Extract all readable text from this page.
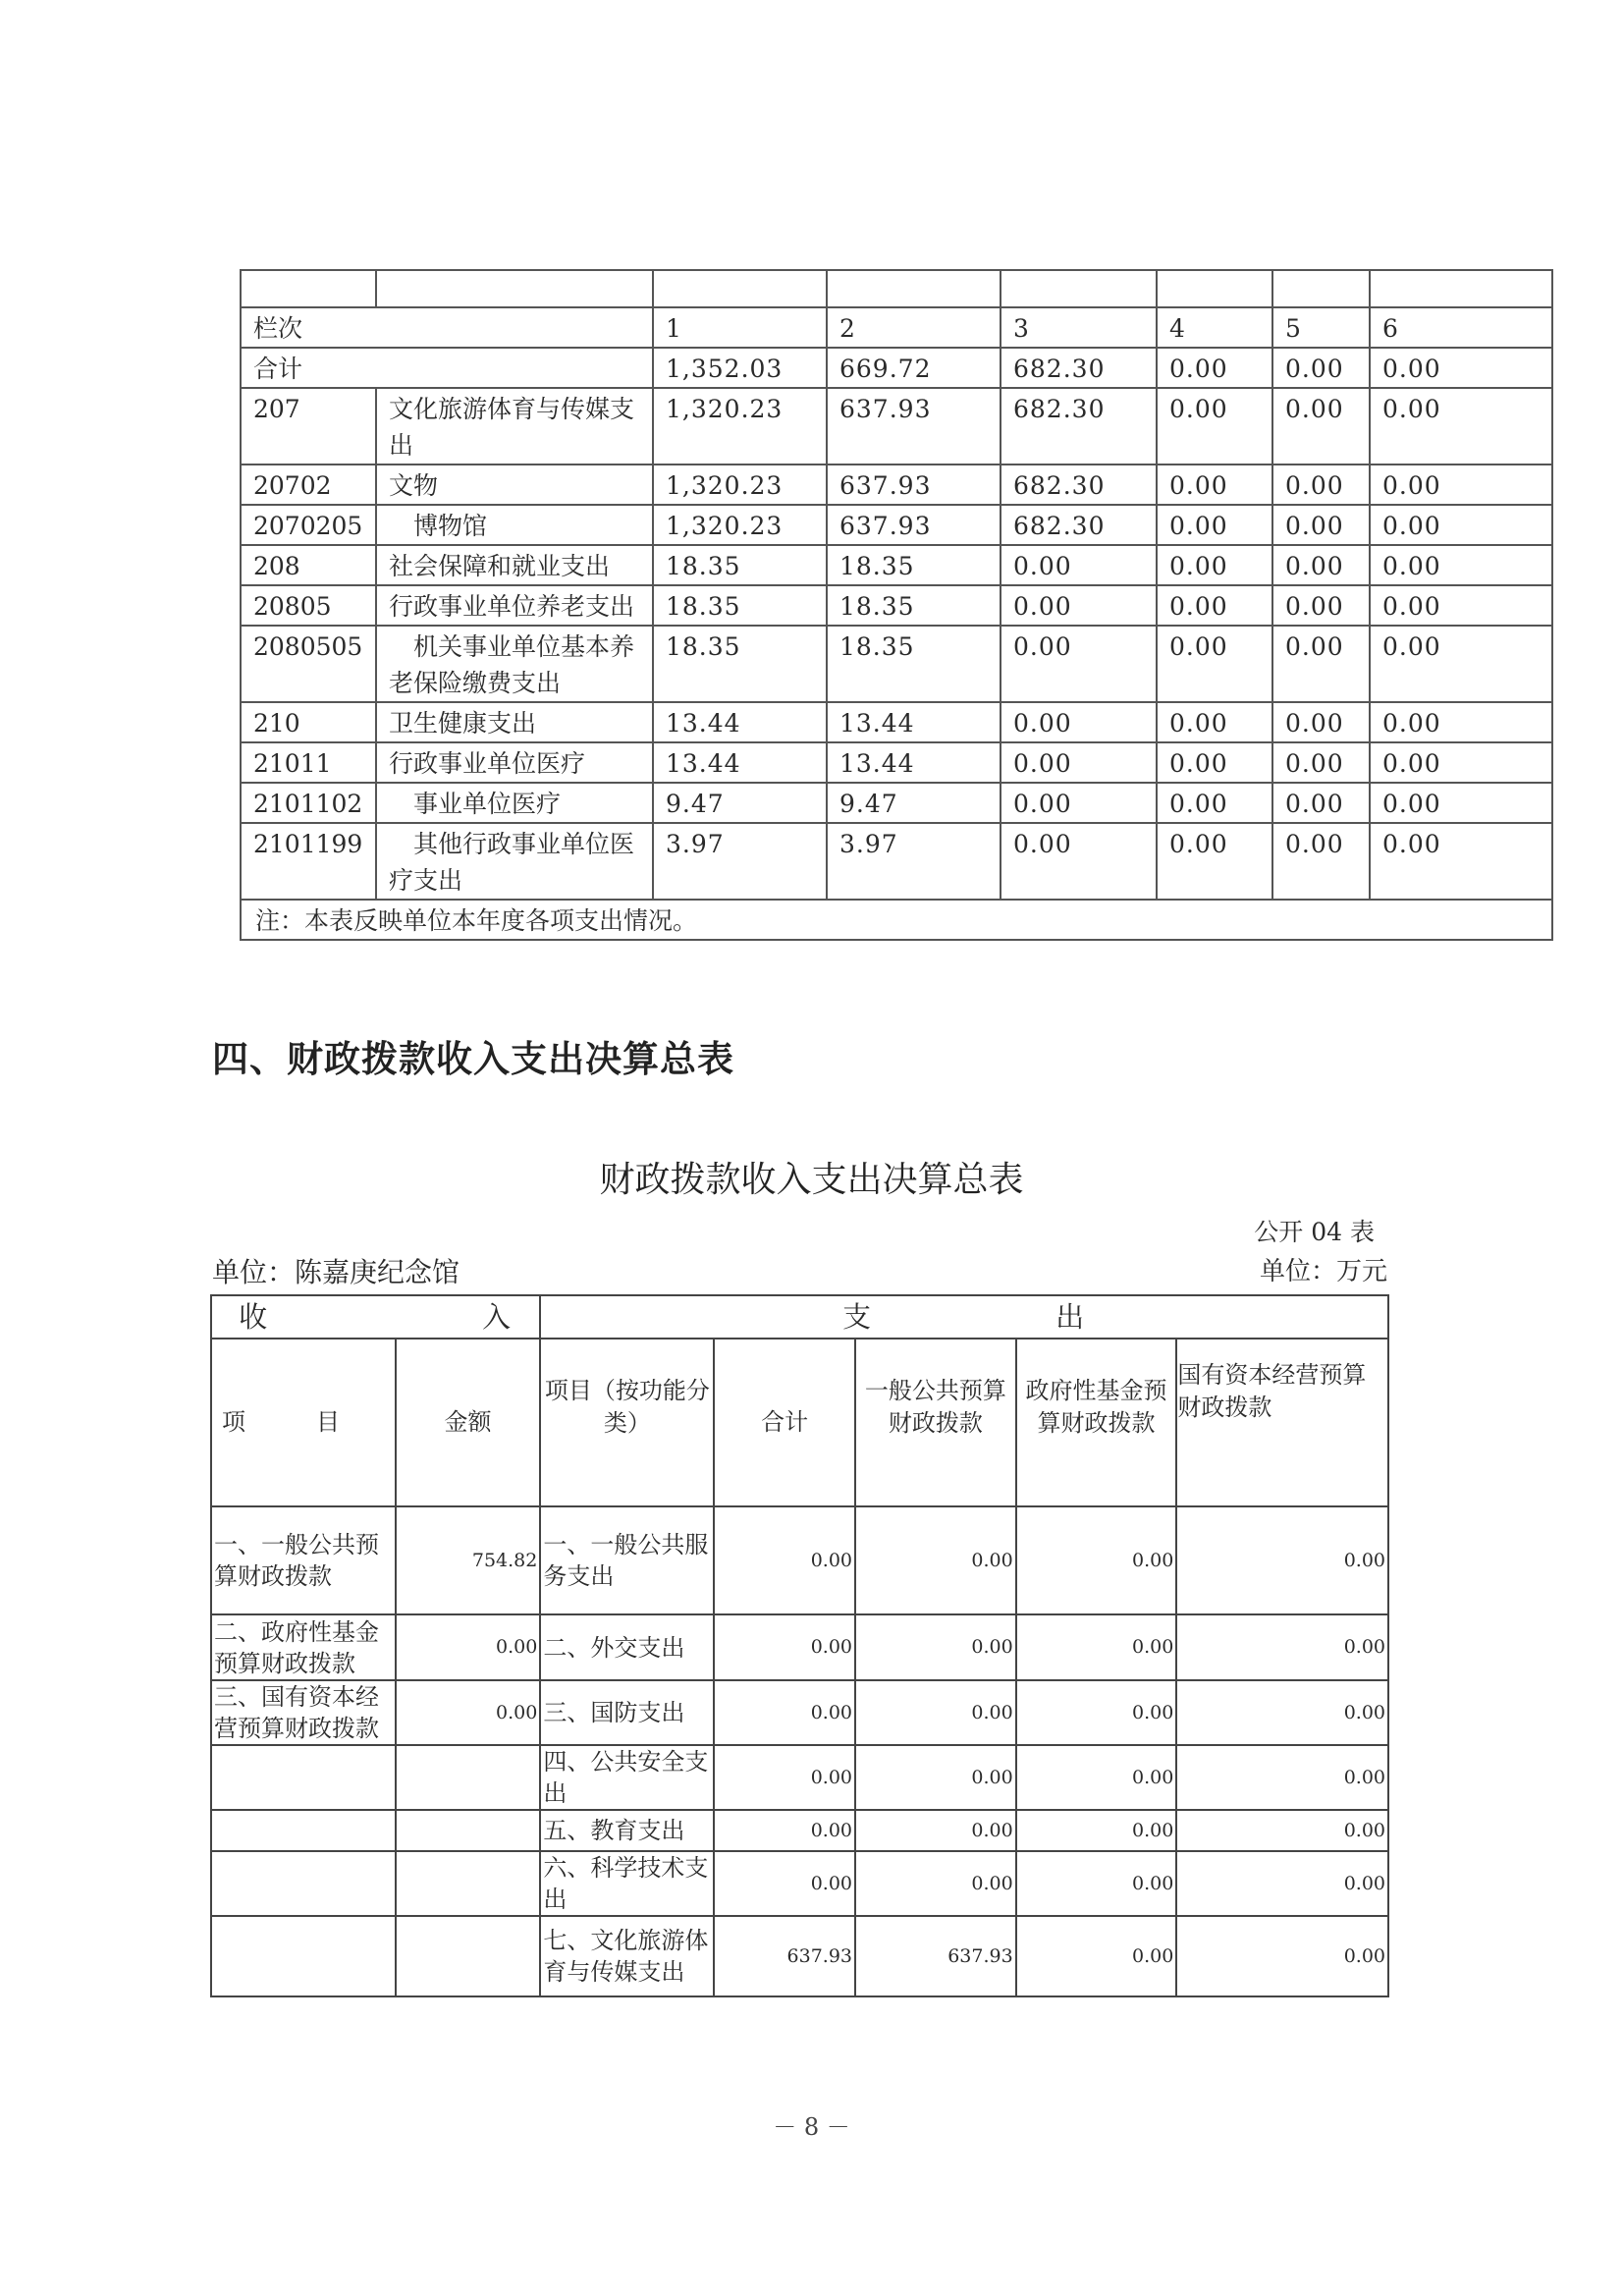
栏次		1	2	3	4	5	6
合计		1,352.03	669.72	682.30	0.00	0.00	0.00
207	文化旅游体育与传媒支出	1,320.23	637.93	682.30	0.00	0.00	0.00
20702	文物	1,320.23	637.93	682.30	0.00	0.00	0.00
2070205	　博物馆	1,320.23	637.93	682.30	0.00	0.00	0.00
208	社会保障和就业支出	18.35	18.35	0.00	0.00	0.00	0.00
20805	行政事业单位养老支出	18.35	18.35	0.00	0.00	0.00	0.00
2080505	　机关事业单位基本养老保险缴费支出	18.35	18.35	0.00	0.00	0.00	0.00
210	卫生健康支出	13.44	13.44	0.00	0.00	0.00	0.00
21011	行政事业单位医疗	13.44	13.44	0.00	0.00	0.00	0.00
2101102	　事业单位医疗	9.47	9.47	0.00	0.00	0.00	0.00
2101199	　其他行政事业单位医疗支出	3.97	3.97	0.00	0.00	0.00	0.00
注：本表反映单位本年度各项支出情况。							
四、财政拨款收入支出决算总表
财政拨款收入支出决算总表
公开 04 表
单位：陈嘉庚纪念馆	单位：万元
收　　　　　　　入		支　　　　　　出				
项　　　目	金额	项目（按功能分类）	合计	一般公共预算财政拨款	政府性基金预算财政拨款	国有资本经营预算财政拨款
一、一般公共预算财政拨款	754.82	一、一般公共服务支出	0.00	0.00	0.00	0.00
二、政府性基金预算财政拨款	0.00	二、外交支出	0.00	0.00	0.00	0.00
三、国有资本经营预算财政拨款	0.00	三、国防支出	0.00	0.00	0.00	0.00
		四、公共安全支出	0.00	0.00	0.00	0.00
		五、教育支出	0.00	0.00	0.00	0.00
		六、科学技术支出	0.00	0.00	0.00	0.00
		七、文化旅游体育与传媒支出	637.93	637.93	0.00	0.00
－ 8 －
